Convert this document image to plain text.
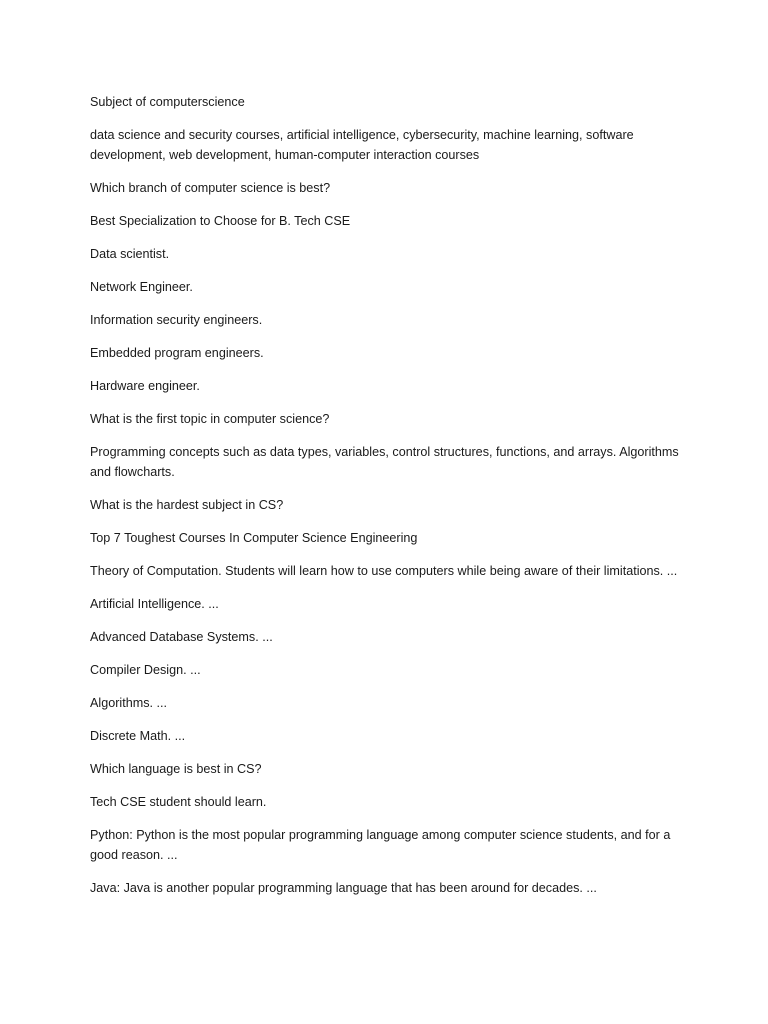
Subject of computerscience

data science and security courses, artificial intelligence, cybersecurity, machine learning, software development, web development, human-computer interaction courses

Which branch of computer science is best?

Best Specialization to Choose for B. Tech CSE

Data scientist.

Network Engineer.

Information security engineers.

Embedded program engineers.

Hardware engineer.

What is the first topic in computer science?

Programming concepts such as data types, variables, control structures, functions, and arrays. Algorithms and flowcharts.

What is the hardest subject in CS?

Top 7 Toughest Courses In Computer Science Engineering

Theory of Computation. Students will learn how to use computers while being aware of their limitations. ...

Artificial Intelligence. ...

Advanced Database Systems. ...

Compiler Design. ...

Algorithms. ...

Discrete Math. ...

Which language is best in CS?

Tech CSE student should learn.

Python: Python is the most popular programming language among computer science students, and for a good reason. ...

Java: Java is another popular programming language that has been around for decades. ...
